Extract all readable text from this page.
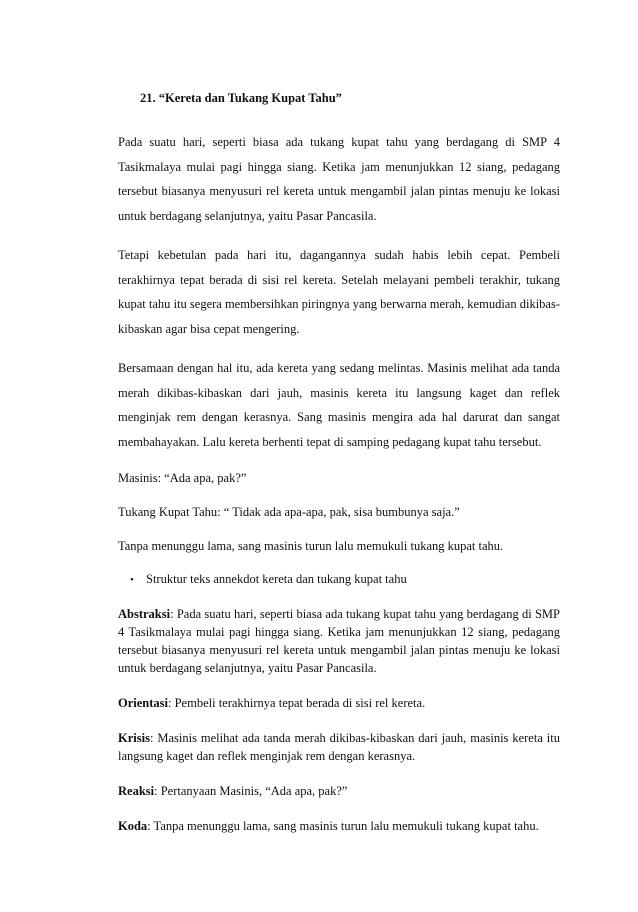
21. “Kereta dan Tukang Kupat Tahu”

Pada suatu hari, seperti biasa ada tukang kupat tahu yang berdagang di SMP 4 Tasikmalaya mulai pagi hingga siang. Ketika jam menunjukkan 12 siang, pedagang tersebut biasanya menyusuri rel kereta untuk mengambil jalan pintas menuju ke lokasi untuk berdagang selanjutnya, yaitu Pasar Pancasila.

Tetapi kebetulan pada hari itu, dagangannya sudah habis lebih cepat. Pembeli terakhirnya tepat berada di sisi rel kereta. Setelah melayani pembeli terakhir, tukang kupat tahu itu segera membersihkan piringnya yang berwarna merah, kemudian dikibas-kibaskan agar bisa cepat mengering.

Bersamaan dengan hal itu, ada kereta yang sedang melintas. Masinis melihat ada tanda merah dikibas-kibaskan dari jauh, masinis kereta itu langsung kaget dan reflek menginjak rem dengan kerasnya. Sang masinis mengira ada hal darurat dan sangat membahayakan. Lalu kereta berhenti tepat di samping pedagang kupat tahu tersebut.

Masinis: “Ada apa, pak?”
Tukang Kupat Tahu: “ Tidak ada apa-apa, pak, sisa bumbunya saja.”
Tanpa menunggu lama, sang masinis turun lalu memukuli tukang kupat tahu.
• Struktur teks annekdot kereta dan tukang kupat tahu
Abstraksi: Pada suatu hari, seperti biasa ada tukang kupat tahu yang berdagang di SMP 4 Tasikmalaya mulai pagi hingga siang. Ketika jam menunjukkan 12 siang, pedagang tersebut biasanya menyusuri rel kereta untuk mengambil jalan pintas menuju ke lokasi untuk berdagang selanjutnya, yaitu Pasar Pancasila.
Orientasi: Pembeli terakhirnya tepat berada di sisi rel kereta.
Krisis: Masinis melihat ada tanda merah dikibas-kibaskan dari jauh, masinis kereta itu langsung kaget dan reflek menginjak rem dengan kerasnya.
Reaksi: Pertanyaan Masinis, “Ada apa, pak?”
Koda: Tanpa menunggu lama, sang masinis turun lalu memukuli tukang kupat tahu.
